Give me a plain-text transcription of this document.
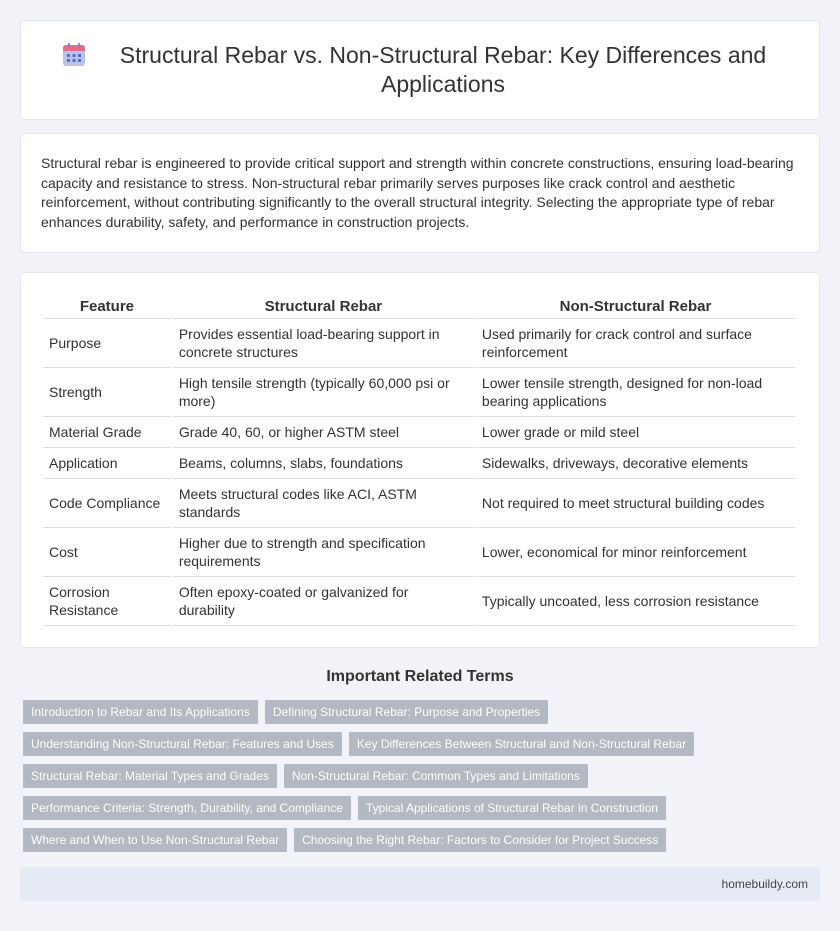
Structural Rebar vs. Non-Structural Rebar: Key Differences and Applications

Structural rebar is engineered to provide critical support and strength within concrete constructions, ensuring load-bearing capacity and resistance to stress. Non-structural rebar primarily serves purposes like crack control and aesthetic reinforcement, without contributing significantly to the overall structural integrity. Selecting the appropriate type of rebar enhances durability, safety, and performance in construction projects.

Feature	Structural Rebar	Non-Structural Rebar
Purpose	Provides essential load-bearing support in concrete structures	Used primarily for crack control and surface reinforcement
Strength	High tensile strength (typically 60,000 psi or more)	Lower tensile strength, designed for non-load bearing applications
Material Grade	Grade 40, 60, or higher ASTM steel	Lower grade or mild steel
Application	Beams, columns, slabs, foundations	Sidewalks, driveways, decorative elements
Code Compliance	Meets structural codes like ACI, ASTM standards	Not required to meet structural building codes
Cost	Higher due to strength and specification requirements	Lower, economical for minor reinforcement
Corrosion Resistance	Often epoxy-coated or galvanized for durability	Typically uncoated, less corrosion resistance
Important Related Terms
Introduction to Rebar and Its Applications	Defining Structural Rebar: Purpose and Properties
Understanding Non-Structural Rebar: Features and Uses	Key Differences Between Structural and Non-Structural Rebar
Structural Rebar: Material Types and Grades	Non-Structural Rebar: Common Types and Limitations
Performance Criteria: Strength, Durability, and Compliance	Typical Applications of Structural Rebar in Construction
Where and When to Use Non-Structural Rebar	Choosing the Right Rebar: Factors to Consider for Project Success
homebuildy.com
